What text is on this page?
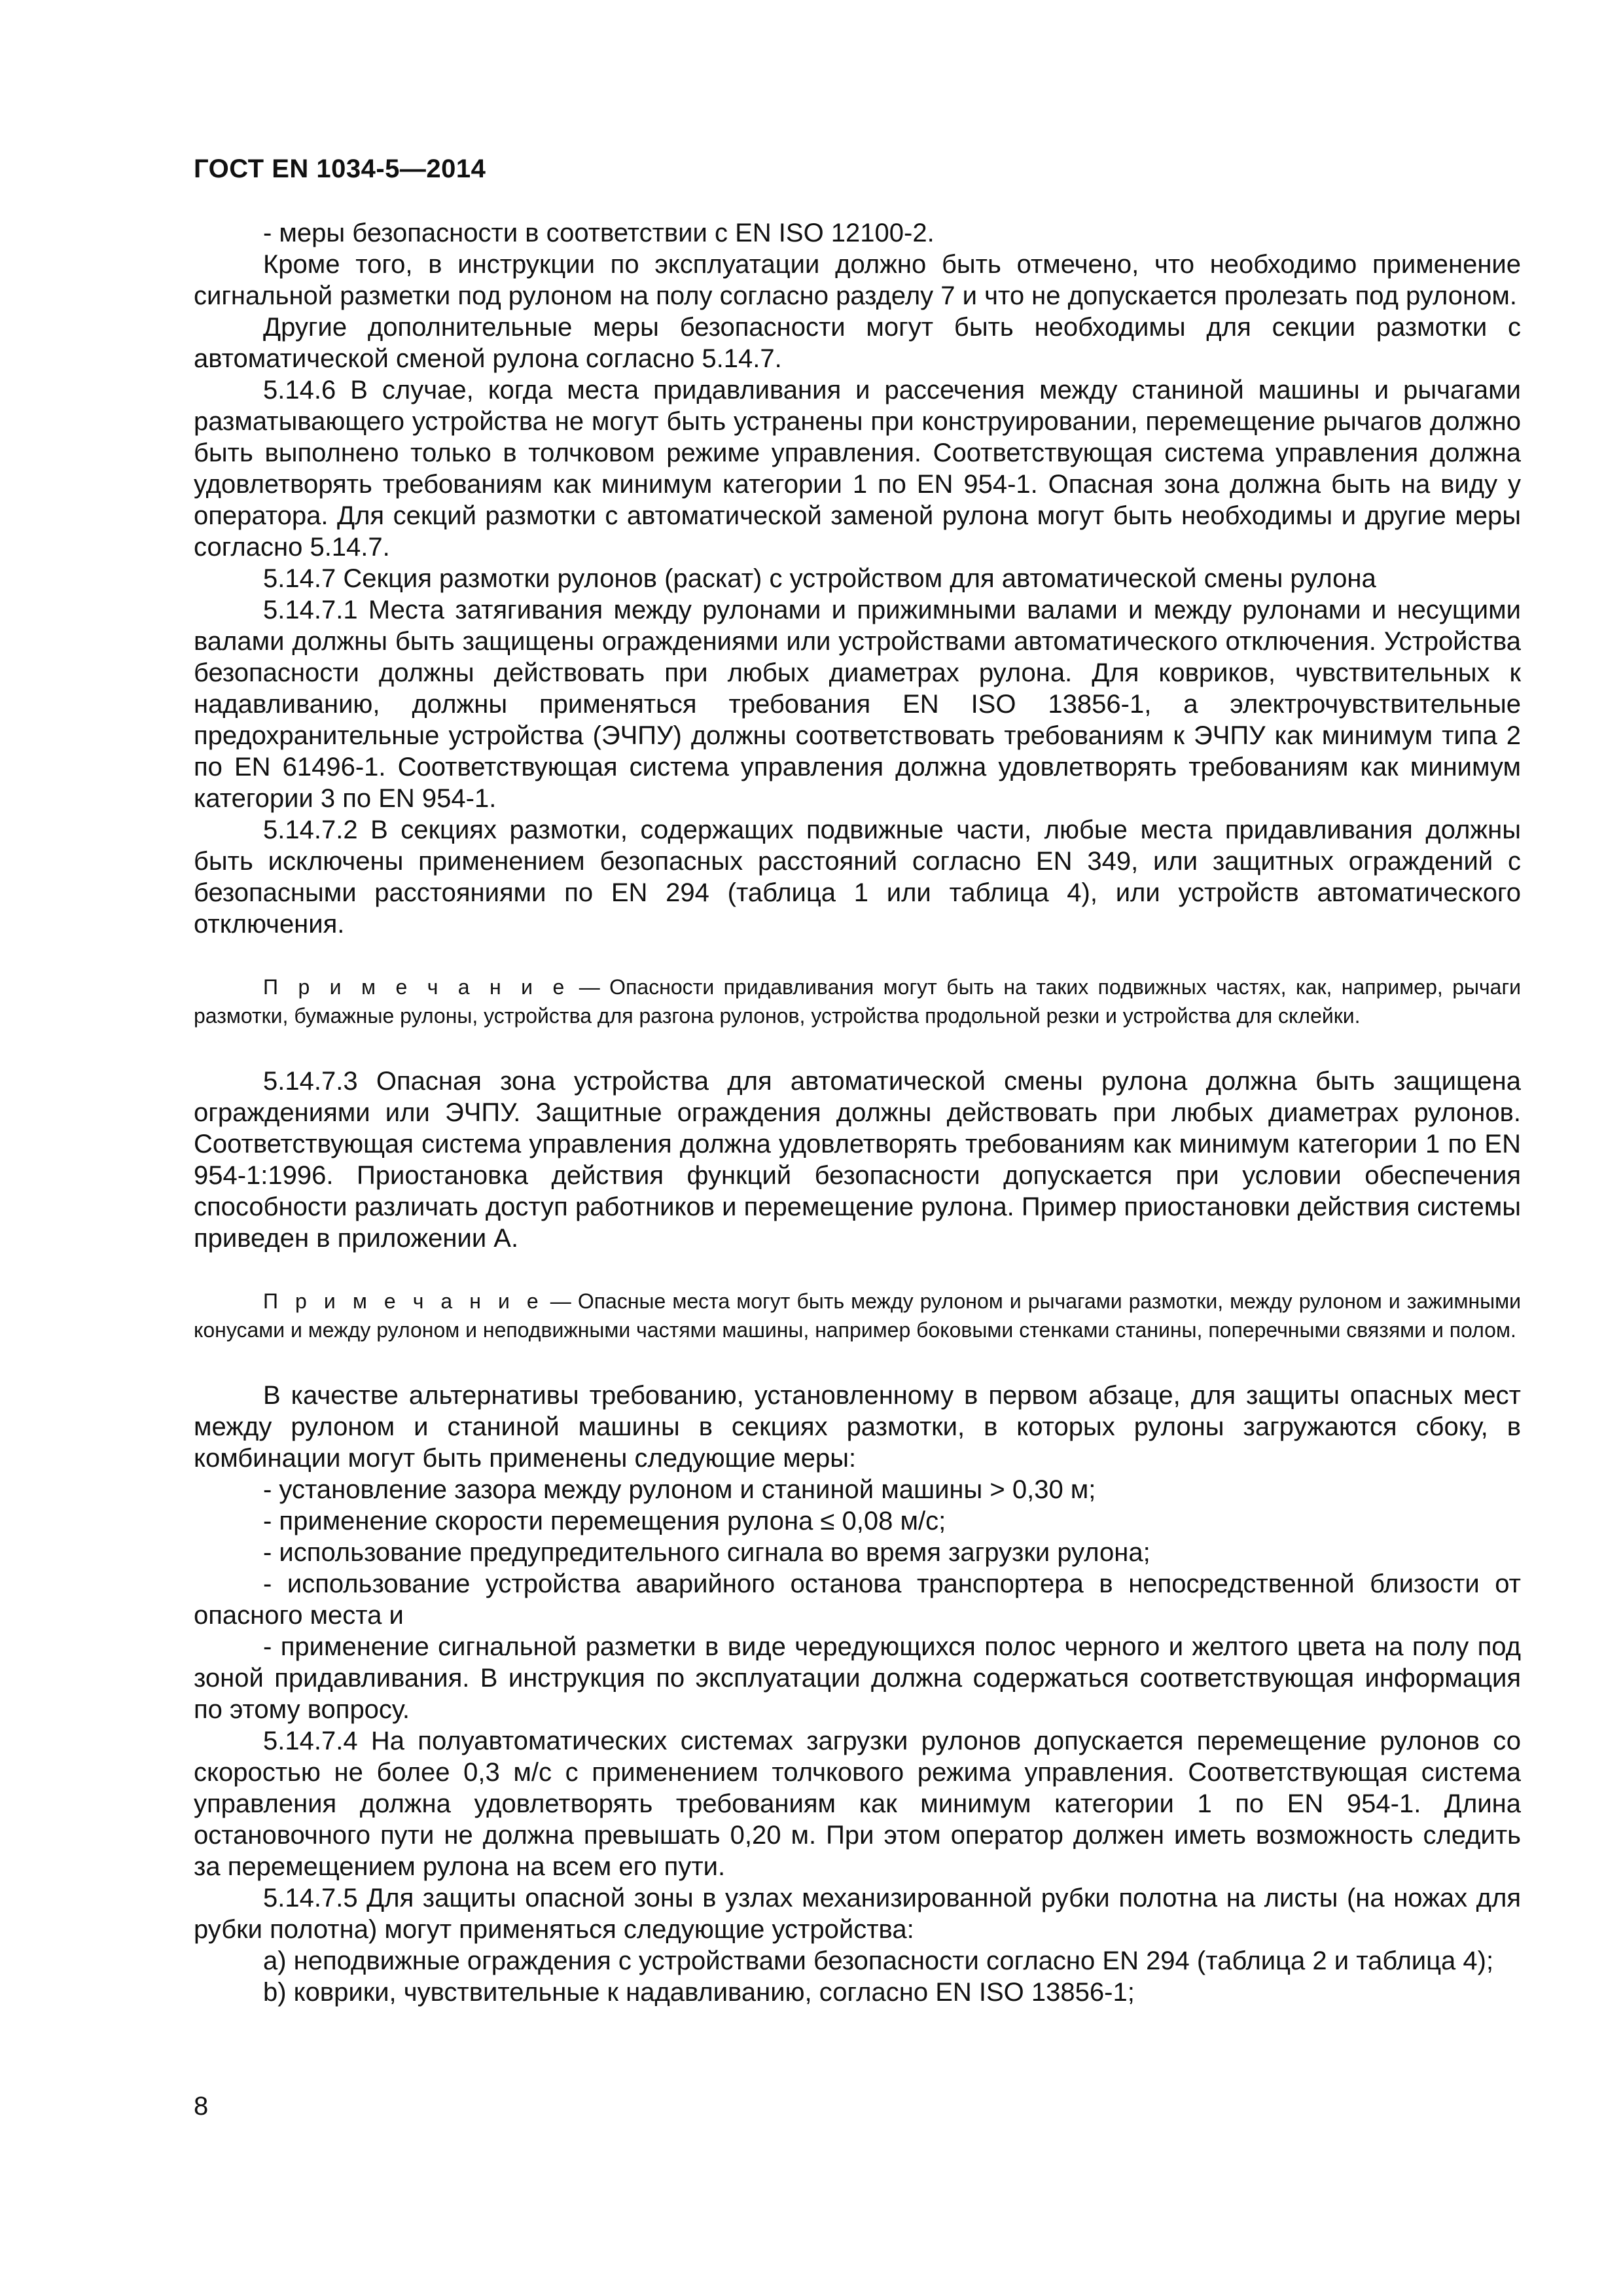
ГОСТ EN 1034-5—2014

- меры безопасности в соответствии с EN ISO 12100-2.

Кроме того, в инструкции по эксплуатации должно быть отмечено, что необходимо применение сигнальной разметки под рулоном на полу согласно разделу 7 и что не допускается пролезать под рулоном.

Другие дополнительные меры безопасности могут быть необходимы для секции размотки с автоматической сменой рулона согласно 5.14.7.

5.14.6 В случае, когда места придавливания и рассечения между станиной машины и рычагами разматывающего устройства не могут быть устранены при конструировании, перемещение рычагов должно быть выполнено только в толчковом режиме управления. Соответствующая система управления должна удовлетворять требованиям как минимум категории 1 по EN 954-1. Опасная зона должна быть на виду у оператора. Для секций размотки с автоматической заменой рулона могут быть необходимы и другие меры согласно 5.14.7.

5.14.7 Секция размотки рулонов (раскат) с устройством для автоматической смены рулона

5.14.7.1 Места затягивания между рулонами и прижимными валами и между рулонами и несущими валами должны быть защищены ограждениями или устройствами автоматического отключения. Устройства безопасности должны действовать при любых диаметрах рулона. Для ковриков, чувствительных к надавливанию, должны применяться требования EN ISO 13856-1, а электрочувствительные предохранительные устройства (ЭЧПУ) должны соответствовать требованиям к ЭЧПУ как минимум типа 2 по EN 61496-1. Соответствующая система управления должна удовлетворять требованиям как минимум категории 3 по EN 954-1.

5.14.7.2 В секциях размотки, содержащих подвижные части, любые места придавливания должны быть исключены применением безопасных расстояний согласно EN 349, или защитных ограждений с безопасными расстояниями по EN 294 (таблица 1 или таблица 4), или устройств автоматического отключения.

П р и м е ч а н и е — Опасности придавливания могут быть на таких подвижных частях, как, например, рычаги размотки, бумажные рулоны, устройства для разгона рулонов, устройства продольной резки и устройства для склейки.

5.14.7.3 Опасная зона устройства для автоматической смены рулона должна быть защищена ограждениями или ЭЧПУ. Защитные ограждения должны действовать при любых диаметрах рулонов. Соответствующая система управления должна удовлетворять требованиям как минимум категории 1 по EN 954-1:1996. Приостановка действия функций безопасности допускается при условии обеспечения способности различать доступ работников и перемещение рулона. Пример приостановки действия системы приведен в приложении А.

П р и м е ч а н и е — Опасные места могут быть между рулоном и рычагами размотки, между рулоном и зажимными конусами и между рулоном и неподвижными частями машины, например боковыми стенками станины, поперечными связями и полом.

В качестве альтернативы требованию, установленному в первом абзаце, для защиты опасных мест между рулоном и станиной машины в секциях размотки, в которых рулоны загружаются сбоку, в комбинации могут быть применены следующие меры:

- установление зазора между рулоном и станиной машины > 0,30 м;

- применение скорости перемещения рулона ≤ 0,08 м/с;

- использование предупредительного сигнала во время загрузки рулона;

- использование устройства аварийного останова транспортера в непосредственной близости от опасного места и

- применение сигнальной разметки в виде чередующихся полос черного и желтого цвета на полу под зоной придавливания. В инструкция по эксплуатации должна содержаться соответствующая информация по этому вопросу.

5.14.7.4 На полуавтоматических системах загрузки рулонов допускается перемещение рулонов со скоростью не более 0,3 м/с с применением толчкового режима управления. Соответствующая система управления должна удовлетворять требованиям как минимум категории 1 по EN 954-1. Длина остановочного пути не должна превышать 0,20 м. При этом оператор должен иметь возможность следить за перемещением рулона на всем его пути.

5.14.7.5 Для защиты опасной зоны в узлах механизированной рубки полотна на листы (на ножах для рубки полотна) могут применяться следующие устройства:

а) неподвижные ограждения с устройствами безопасности согласно EN 294 (таблица 2 и таблица 4);

b) коврики, чувствительные к надавливанию, согласно EN ISO 13856-1;

8
